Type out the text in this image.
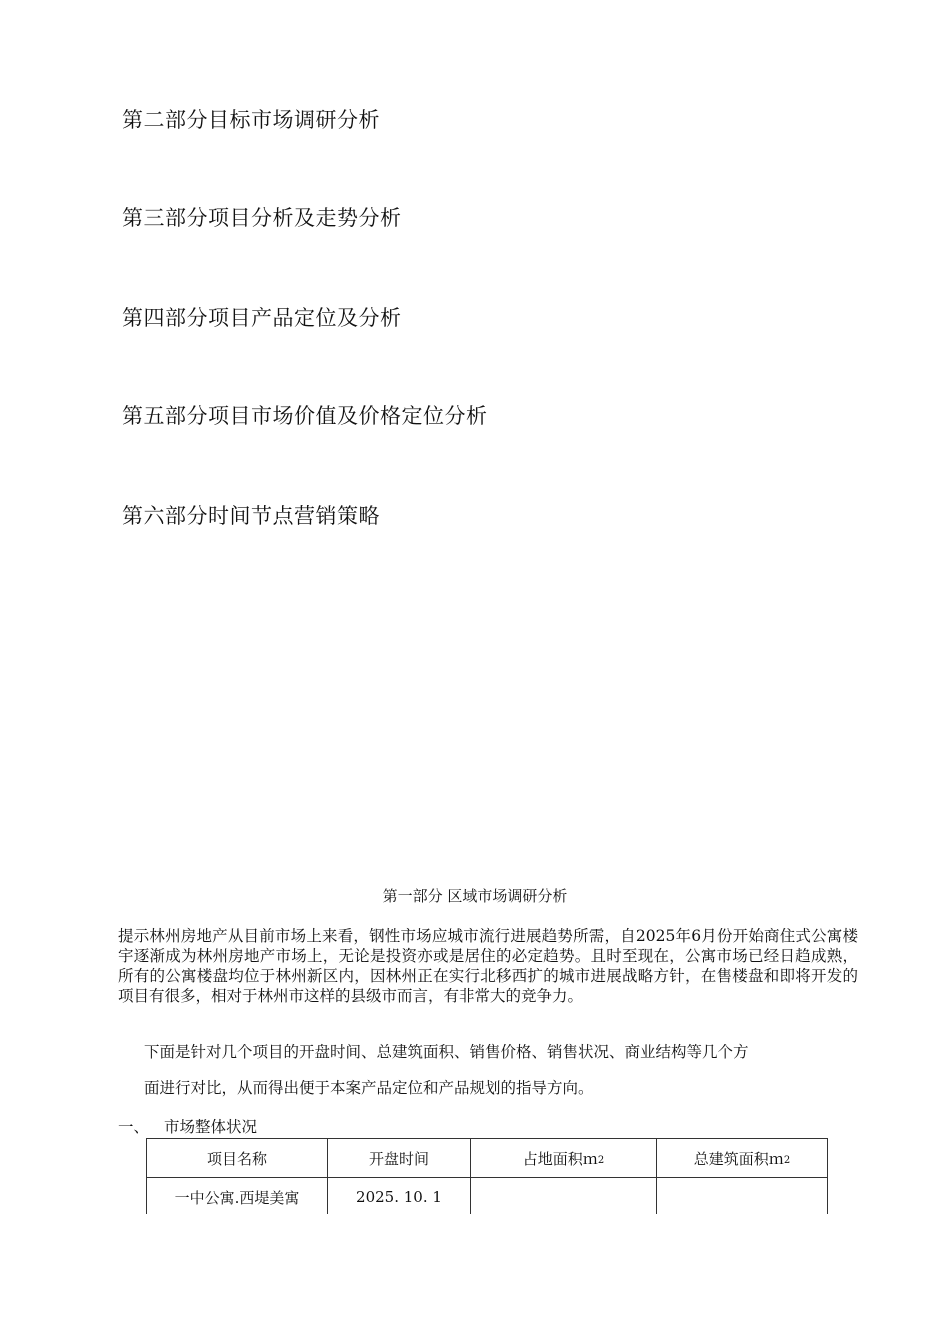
第二部分目标市场调研分析
第三部分项目分析及走势分析
第四部分项目产品定位及分析
第五部分项目市场价值及价格定位分析
第六部分时间节点营销策略
第一部分 区域市场调研分析

提示林州房地产从目前市场上来看，钢性市场应城市流行进展趋势所需，自2025年6月份开始商住式公寓楼宇逐渐成为林州房地产市场上，无论是投资亦或是居住的必定趋势。且时至现在，公寓市场已经日趋成熟，所有的公寓楼盘均位于林州新区内，因林州正在实行北移西扩的城市进展战略方针，在售楼盘和即将开发的项目有很多，相对于林州市这样的县级市而言，有非常大的竞争力。

下面是针对几个项目的开盘时间、总建筑面积、销售价格、销售状况、商业结构等几个方

面进行对比，从而得出便于本案产品定位和产品规划的指导方向。

一、 市场整体状况
项目名称	开盘时间	占地面积ｍ2	总建筑面积ｍ2
一中公寓.西堤美寓	2025. 10. 1		
